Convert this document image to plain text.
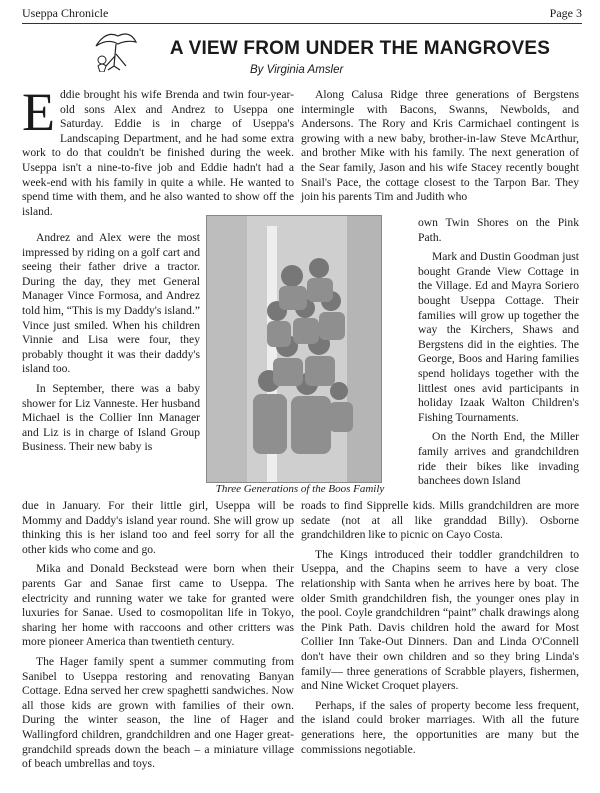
Useppa Chronicle	Page 3
A VIEW FROM UNDER THE MANGROVES
By Virginia Amsler

Eddie brought his wife Brenda and twin four-year-old sons Alex and Andrez to Useppa one Saturday. Eddie is in charge of Useppa's Landscaping Department, and he had some extra work to do that couldn't be finished during the week. Useppa isn't a nine-to-five job and Eddie hadn't had a week-end with his family in quite a while. He wanted to spend time with them, and he also wanted to show off the island.

Andrez and Alex were the most impressed by riding on a golf cart and seeing their father drive a tractor. During the day, they met General Manager Vince Formosa, and Andrez told him, “This is my Daddy's island.” Vince just smiled. When his children Vinnie and Lisa were four, they probably thought it was their daddy's island too.

In September, there was a baby shower for Liz Vanneste. Her husband Michael is the Collier Inn Manager and Liz is in charge of Island Group Business. Their new baby is

due in January. For their little girl, Useppa will be Mommy and Daddy's island year round. She will grow up thinking this is her island too and feel sorry for all the other kids who come and go.

Mika and Donald Beckstead were born when their parents Gar and Sanae first came to Useppa. The electricity and running water we take for granted were luxuries for Sanae. Used to cosmopolitan life in Tokyo, sharing her home with raccoons and other critters was more pioneer America than twentieth century.

The Hager family spent a summer commuting from Sanibel to Useppa restoring and renovating Banyan Cottage. Edna served her crew spaghetti sandwiches. Now all those kids are grown with families of their own. During the winter season, the line of Hager and Wallingford children, grandchildren and one Hager great-grandchild spreads down the beach – a miniature village of beach umbrellas and toys.

Along Calusa Ridge three generations of Bergstens intermingle with Bacons, Swanns, Newbolds, and Andersons. The Rory and Kris Carmichael contingent is growing with a new baby, brother-in-law Steve McArthur, and brother Mike with his family. The next generation of the Sear family, Jason and his wife Stacey recently bought Snail's Pace, the cottage closest to the Tarpon Bar. They join his parents Tim and Judith who

own Twin Shores on the Pink Path.

Mark and Dustin Goodman just bought Grande View Cottage in the Village. Ed and Mayra Soriero bought Useppa Cottage. Their families will grow up together the way the Kirchers, Shaws and Bergstens did in the eighties. The George, Boos and Haring families spend holidays together with the littlest ones avid participants in holiday Izaak Walton Children's Fishing Tournaments.

On the North End, the Miller family arrives and grandchildren ride their bikes like invading banchees down Island

roads to find Sipprelle kids. Mills grandchildren are more sedate (not at all like granddad Billy). Osborne grandchildren like to picnic on Cayo Costa.

The Kings introduced their toddler grandchildren to Useppa, and the Chapins seem to have a very close relationship with Santa when he arrives here by boat. The older Smith grandchildren fish, the younger ones play in the pool. Coyle grandchildren “paint” chalk drawings along the Pink Path. Davis children hold the award for Most Collier Inn Take-Out Dinners. Dan and Linda O'Connell don't have their own children and so they bring Linda's family— three generations of Scrabble players, fishermen, and Nine Wicket Croquet players.

Perhaps, if the sales of property become less frequent, the island could broker marriages. With all the future generations here, the opportunities are many but the commissions negotiable.

Three Generations of the Boos Family
